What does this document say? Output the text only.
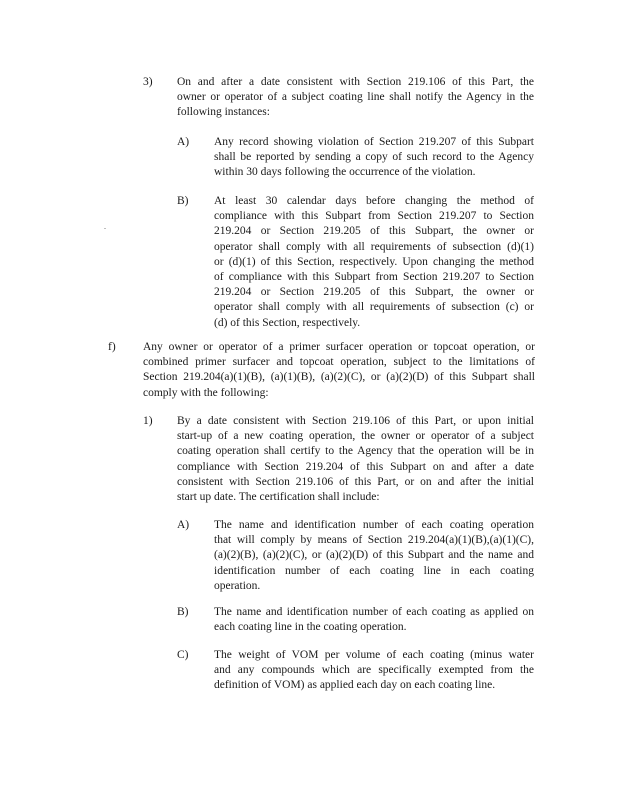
.
3) On and after a date consistent with Section 219.106 of this Part, the
owner or operator of a subject coating line shall notify the Agency in the
following instances:
A) Any record showing violation of Section 219.207 of this Subpart
shall be reported by sending a copy of such record to the Agency
within 30 days following the occurrence of the violation.
B) At least 30 calendar days before changing the method of
compliance with this Subpart from Section 219.207 to Section
219.204 or Section 219.205 of this Subpart, the owner or
operator shall comply with all requirements of subsection (d)(1)
or (d)(1) of this Section, respectively. Upon changing the method
of compliance with this Subpart from Section 219.207 to Section
219.204 or Section 219.205 of this Subpart, the owner or
operator shall comply with all requirements of subsection (c) or
(d) of this Section, respectively.
f) Any owner or operator of a primer surfacer operation or topcoat operation, or
combined primer surfacer and topcoat operation, subject to the limitations of
Section 219.204(a)(1)(B), (a)(1)(B), (a)(2)(C), or (a)(2)(D) of this Subpart shall
comply with the following:
1) By a date consistent with Section 219.106 of this Part, or upon initial
start-up of a new coating operation, the owner or operator of a subject
coating operation shall certify to the Agency that the operation will be in
compliance with Section 219.204 of this Subpart on and after a date
consistent with Section 219.106 of this Part, or on and after the initial
start up date. The certification shall include:
A) The name and identification number of each coating operation
that will comply by means of Section 219.204(a)(1)(B),(a)(1)(C),
(a)(2)(B), (a)(2)(C), or (a)(2)(D) of this Subpart and the name and
identification number of each coating line in each coating
operation.
B) The name and identification number of each coating as applied on
each coating line in the coating operation.
C) The weight of VOM per volume of each coating (minus water
and any compounds which are specifically exempted from the
definition of VOM) as applied each day on each coating line.
